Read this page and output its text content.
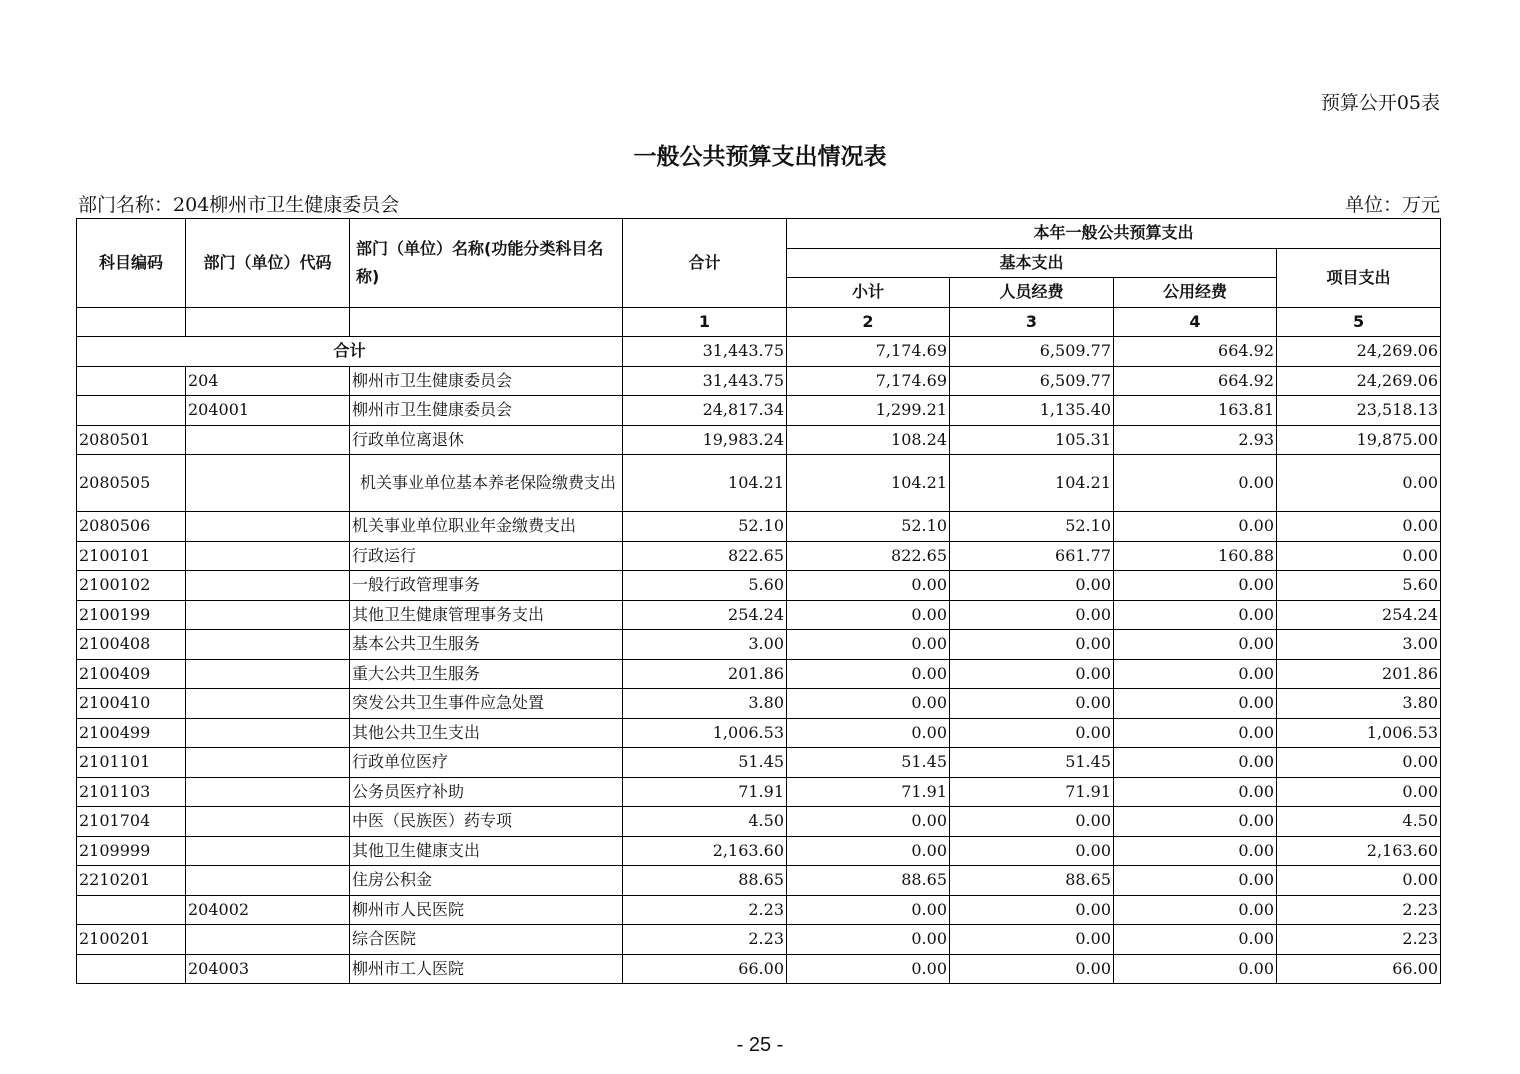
预算公开05表
一般公共预算支出情况表
部门名称：204柳州市卫生健康委员会	单位：万元
科目编码	部门（单位）代码	部门（单位）名称(功能分类科目名称)	合计	本年一般公共预算支出			
				基本支出			项目支出
				小计	人员经费	公用经费	
			1	2	3	4	5
合计			31,443.75	7,174.69	6,509.77	664.92	24,269.06
	204	柳州市卫生健康委员会	31,443.75	7,174.69	6,509.77	664.92	24,269.06
	204001	柳州市卫生健康委员会	24,817.34	1,299.21	1,135.40	163.81	23,518.13
2080501		行政单位离退休	19,983.24	108.24	105.31	2.93	19,875.00
2080505		机关事业单位基本养老保险缴费支出	104.21	104.21	104.21	0.00	0.00
2080506		机关事业单位职业年金缴费支出	52.10	52.10	52.10	0.00	0.00
2100101		行政运行	822.65	822.65	661.77	160.88	0.00
2100102		一般行政管理事务	5.60	0.00	0.00	0.00	5.60
2100199		其他卫生健康管理事务支出	254.24	0.00	0.00	0.00	254.24
2100408		基本公共卫生服务	3.00	0.00	0.00	0.00	3.00
2100409		重大公共卫生服务	201.86	0.00	0.00	0.00	201.86
2100410		突发公共卫生事件应急处置	3.80	0.00	0.00	0.00	3.80
2100499		其他公共卫生支出	1,006.53	0.00	0.00	0.00	1,006.53
2101101		行政单位医疗	51.45	51.45	51.45	0.00	0.00
2101103		公务员医疗补助	71.91	71.91	71.91	0.00	0.00
2101704		中医（民族医）药专项	4.50	0.00	0.00	0.00	4.50
2109999		其他卫生健康支出	2,163.60	0.00	0.00	0.00	2,163.60
2210201		住房公积金	88.65	88.65	88.65	0.00	0.00
	204002	柳州市人民医院	2.23	0.00	0.00	0.00	2.23
2100201		综合医院	2.23	0.00	0.00	0.00	2.23
	204003	柳州市工人医院	66.00	0.00	0.00	0.00	66.00
- 25 -
